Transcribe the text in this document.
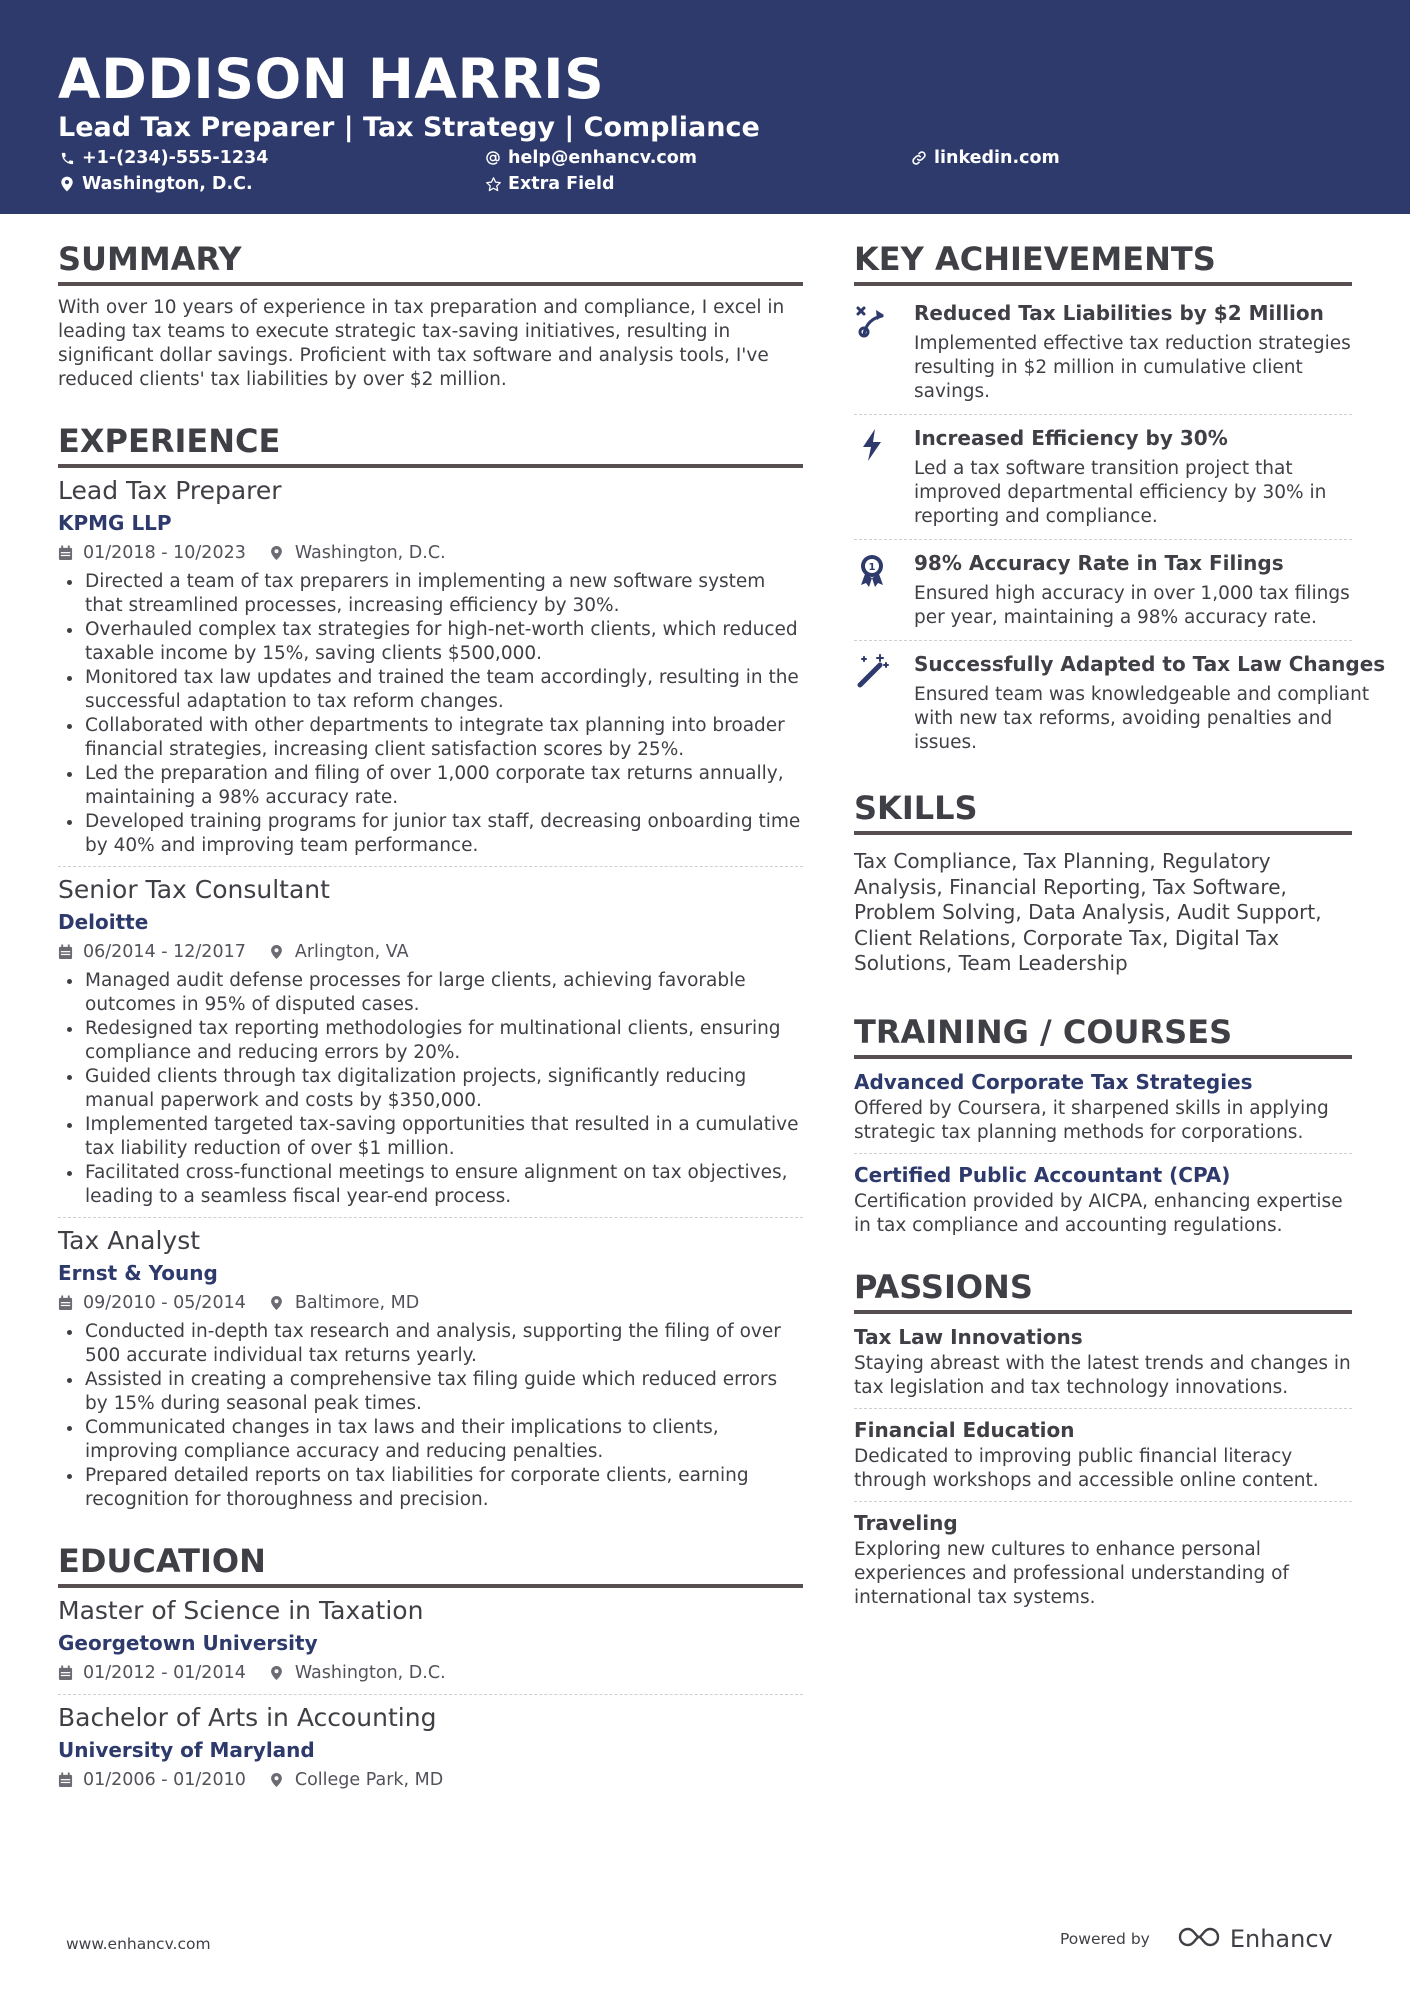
ADDISON HARRIS
Lead Tax Preparer | Tax Strategy | Compliance
+1-(234)-555-1234	help@enhancv.com	linkedin.com
Washington, D.C.	Extra Field
SUMMARY
With over 10 years of experience in tax preparation and compliance, I excel in leading tax teams to execute strategic tax-saving initiatives, resulting in significant dollar savings. Proficient with tax software and analysis tools, I've reduced clients' tax liabilities by over $2 million.
EXPERIENCE
Lead Tax Preparer
KPMG LLP
01/2018 - 10/2023	Washington, D.C.
Directed a team of tax preparers in implementing a new software system that streamlined processes, increasing efficiency by 30%.
Overhauled complex tax strategies for high-net-worth clients, which reduced taxable income by 15%, saving clients $500,000.
Monitored tax law updates and trained the team accordingly, resulting in the successful adaptation to tax reform changes.
Collaborated with other departments to integrate tax planning into broader financial strategies, increasing client satisfaction scores by 25%.
Led the preparation and filing of over 1,000 corporate tax returns annually, maintaining a 98% accuracy rate.
Developed training programs for junior tax staff, decreasing onboarding time by 40% and improving team performance.
Senior Tax Consultant
Deloitte
06/2014 - 12/2017	Arlington, VA
Managed audit defense processes for large clients, achieving favorable outcomes in 95% of disputed cases.
Redesigned tax reporting methodologies for multinational clients, ensuring compliance and reducing errors by 20%.
Guided clients through tax digitalization projects, significantly reducing manual paperwork and costs by $350,000.
Implemented targeted tax-saving opportunities that resulted in a cumulative tax liability reduction of over $1 million.
Facilitated cross-functional meetings to ensure alignment on tax objectives, leading to a seamless fiscal year-end process.
Tax Analyst
Ernst & Young
09/2010 - 05/2014	Baltimore, MD
Conducted in-depth tax research and analysis, supporting the filing of over 500 accurate individual tax returns yearly.
Assisted in creating a comprehensive tax filing guide which reduced errors by 15% during seasonal peak times.
Communicated changes in tax laws and their implications to clients, improving compliance accuracy and reducing penalties.
Prepared detailed reports on tax liabilities for corporate clients, earning recognition for thoroughness and precision.
EDUCATION
Master of Science in Taxation
Georgetown University
01/2012 - 01/2014	Washington, D.C.
Bachelor of Arts in Accounting
University of Maryland
01/2006 - 01/2010	College Park, MD
KEY ACHIEVEMENTS
Reduced Tax Liabilities by $2 Million
Implemented effective tax reduction strategies resulting in $2 million in cumulative client savings.
Increased Efficiency by 30%
Led a tax software transition project that improved departmental efficiency by 30% in reporting and compliance.
1 98% Accuracy Rate in Tax Filings
Ensured high accuracy in over 1,000 tax filings per year, maintaining a 98% accuracy rate.
Successfully Adapted to Tax Law Changes
Ensured team was knowledgeable and compliant with new tax reforms, avoiding penalties and issues.
SKILLS
Tax Compliance, Tax Planning, Regulatory Analysis, Financial Reporting, Tax Software, Problem Solving, Data Analysis, Audit Support, Client Relations, Corporate Tax, Digital Tax Solutions, Team Leadership
TRAINING / COURSES
Advanced Corporate Tax Strategies
Offered by Coursera, it sharpened skills in applying strategic tax planning methods for corporations.
Certified Public Accountant (CPA)
Certification provided by AICPA, enhancing expertise in tax compliance and accounting regulations.
PASSIONS
Tax Law Innovations
Staying abreast with the latest trends and changes in tax legislation and tax technology innovations.
Financial Education
Dedicated to improving public financial literacy through workshops and accessible online content.
Traveling
Exploring new cultures to enhance personal experiences and professional understanding of international tax systems.
www.enhancv.com	Powered by	Enhancv
